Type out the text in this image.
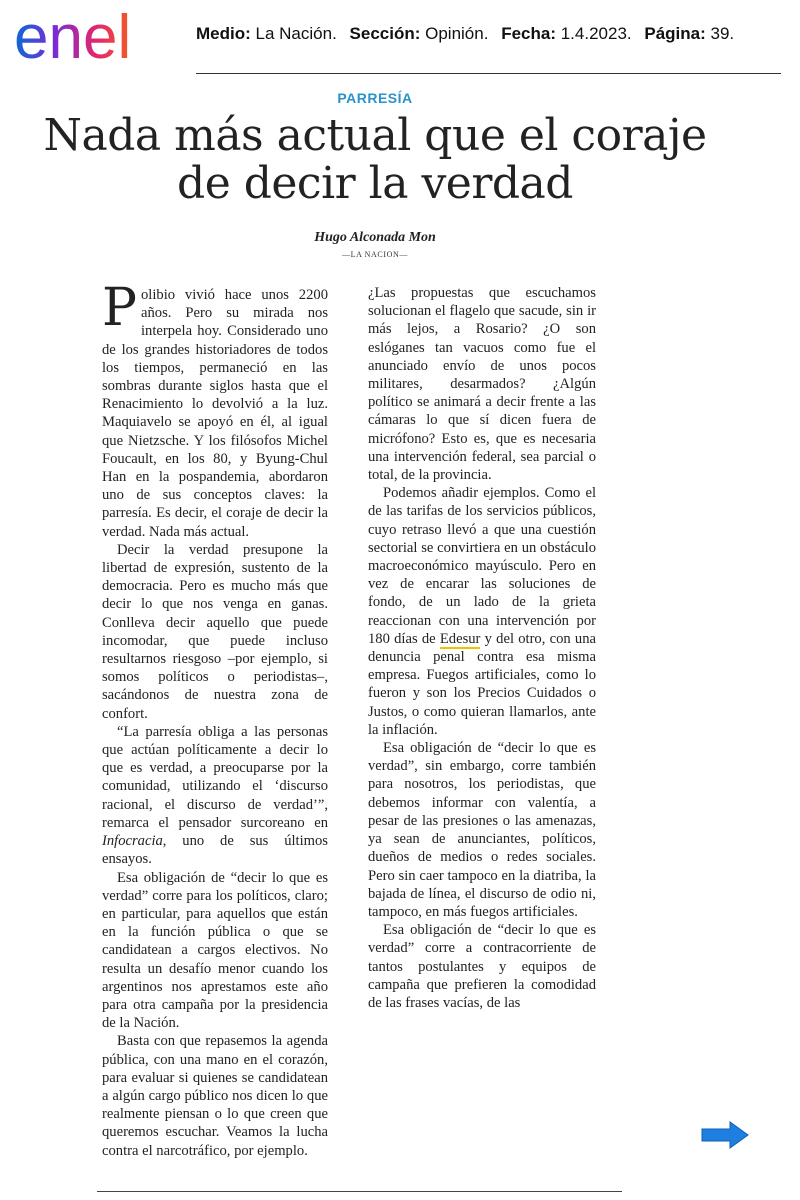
enel	Medio: La Nación. Sección: Opinión. Fecha: 1.4.2023. Página: 39.
PARRESÍA
Nada más actual que el coraje de decir la verdad
Hugo Alconada Mon
—LA NACION—

Polibio vivió hace unos 2200 años. Pero su mirada nos interpela hoy. Considerado uno de los grandes historiadores de todos los tiempos, permaneció en las sombras durante siglos hasta que el Renacimiento lo devolvió a la luz. Maquiavelo se apoyó en él, al igual que Nietzsche. Y los filósofos Michel Foucault, en los 80, y Byung-Chul Han en la pospandemia, abordaron uno de sus conceptos claves: la parresía. Es decir, el coraje de decir la verdad. Nada más actual.

Decir la verdad presupone la libertad de expresión, sustento de la democracia. Pero es mucho más que decir lo que nos venga en ganas. Conlleva decir aquello que puede incomodar, que puede incluso resultarnos riesgoso –por ejemplo, si somos políticos o periodistas–, sacándonos de nuestra zona de confort.

“La parresía obliga a las personas que actúan políticamente a decir lo que es verdad, a preocuparse por la comunidad, utilizando el ‘discurso racional, el discurso de verdad’”, remarca el pensador surcoreano en Infocracia, uno de sus últimos ensayos.

Esa obligación de “decir lo que es verdad” corre para los políticos, claro; en particular, para aquellos que están en la función pública o que se candidatean a cargos electivos. No resulta un desafío menor cuando los argentinos nos aprestamos este año para otra campaña por la presidencia de la Nación.

Basta con que repasemos la agenda pública, con una mano en el corazón, para evaluar si quienes se candidatean a algún cargo público nos dicen lo que realmente piensan o lo que creen que queremos escuchar. Veamos la lucha contra el narcotráfico, por ejemplo.

¿Las propuestas que escuchamos solucionan el flagelo que sacude, sin ir más lejos, a Rosario? ¿O son eslóganes tan vacuos como fue el anunciado envío de unos pocos militares, desarmados? ¿Algún político se animará a decir frente a las cámaras lo que sí dicen fuera de micrófono? Esto es, que es necesaria una intervención federal, sea parcial o total, de la provincia.

Podemos añadir ejemplos. Como el de las tarifas de los servicios públicos, cuyo retraso llevó a que una cuestión sectorial se convirtiera en un obstáculo macroeconómico mayúsculo. Pero en vez de encarar las soluciones de fondo, de un lado de la grieta reaccionan con una intervención por 180 días de Edesur y del otro, con una denuncia penal contra esa misma empresa. Fuegos artificiales, como lo fueron y son los Precios Cuidados o Justos, o como quieran llamarlos, ante la inflación.

Esa obligación de “decir lo que es verdad”, sin embargo, corre también para nosotros, los periodistas, que debemos informar con valentía, a pesar de las presiones o las amenazas, ya sean de anunciantes, políticos, dueños de medios o redes sociales. Pero sin caer tampoco en la diatriba, la bajada de línea, el discurso de odio ni, tampoco, en más fuegos artificiales.

Esa obligación de “decir lo que es verdad” corre a contracorriente de tantos postulantes y equipos de campaña que prefieren la comodidad de las frases vacías, de las
